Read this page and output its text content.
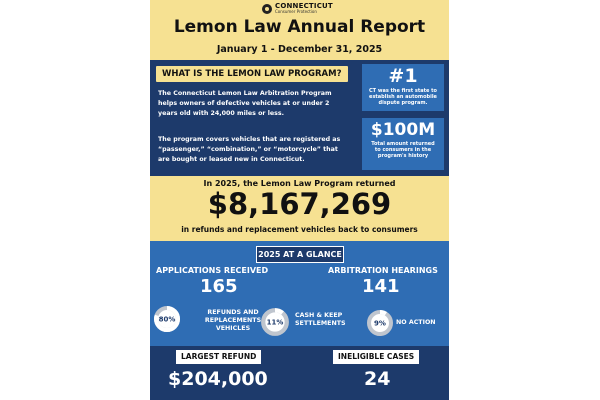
CONNECTICUT
Consumer Protection
Lemon Law Annual Report
January 1 - December 31, 2025
WHAT IS THE LEMON LAW PROGRAM?

The Connecticut Lemon Law Arbitration Program helps owners of defective vehicles at or under 2 years old with 24,000 miles or less.

The program covers vehicles that are registered as “passenger,” “combination,” or “motorcycle” that are bought or leased new in Connecticut.

#1
CT was the first state to establish an automobile dispute program.
$100M
Total amount returned to consumers in the program's history
In 2025, the Lemon Law Program returned
$8,167,269
in refunds and replacement vehicles back to consumers
2025 AT A GLANCE
APPLICATIONS RECEIVED
165
ARBITRATION HEARINGS
141
80%
REFUNDS AND REPLACEMENTS VEHICLES
11%
CASH & KEEP SETTLEMENTS	9% NO ACTION
LARGEST REFUND
$204,000
INELIGIBLE CASES
24
